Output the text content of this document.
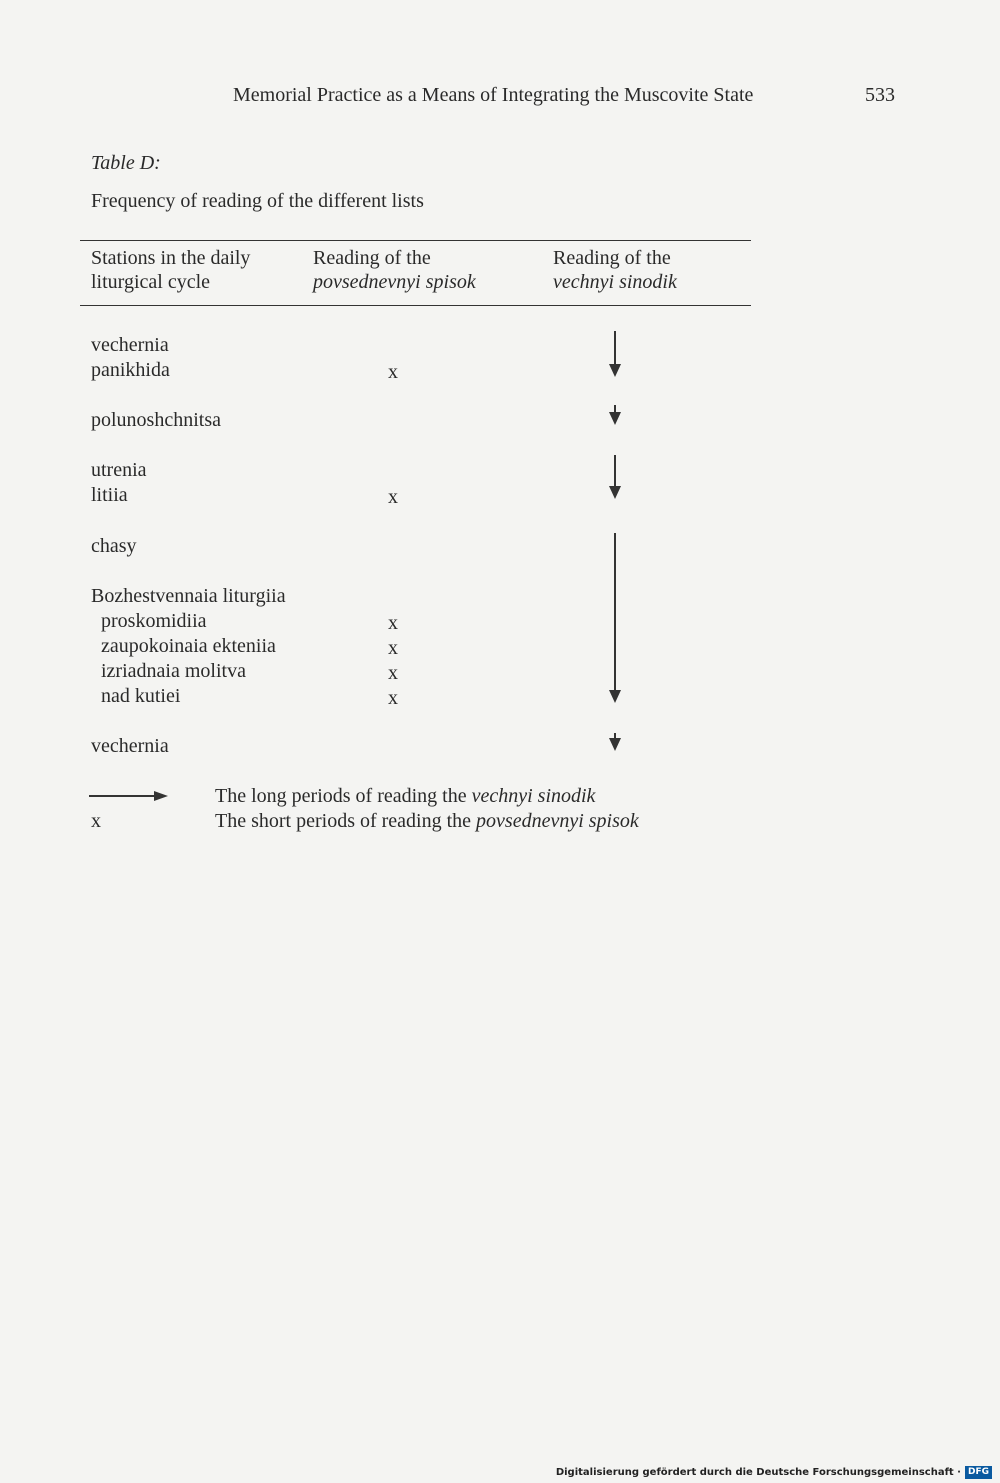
Memorial Practice as a Means of Integrating the Muscovite State	533
Table D:
Frequency of reading of the different lists
Stations in the daily
liturgical cycle
Reading of the
povsednevnyi spisok
Reading of the
vechnyi sinodik
vechernia
panikhida
polunoshchnitsa
utrenia
litiia
chasy
Bozhestvennaia liturgiia
proskomidiia
zaupokoinaia ekteniia
izriadnaia molitva
nad kutiei
vechernia
x
x
x
x
x
x
The long periods of reading the vechnyi sinodik
x	The short periods of reading the povsednevnyi spisok
Digitalisierung gefördert durch die Deutsche Forschungsgemeinschaft · DFG
